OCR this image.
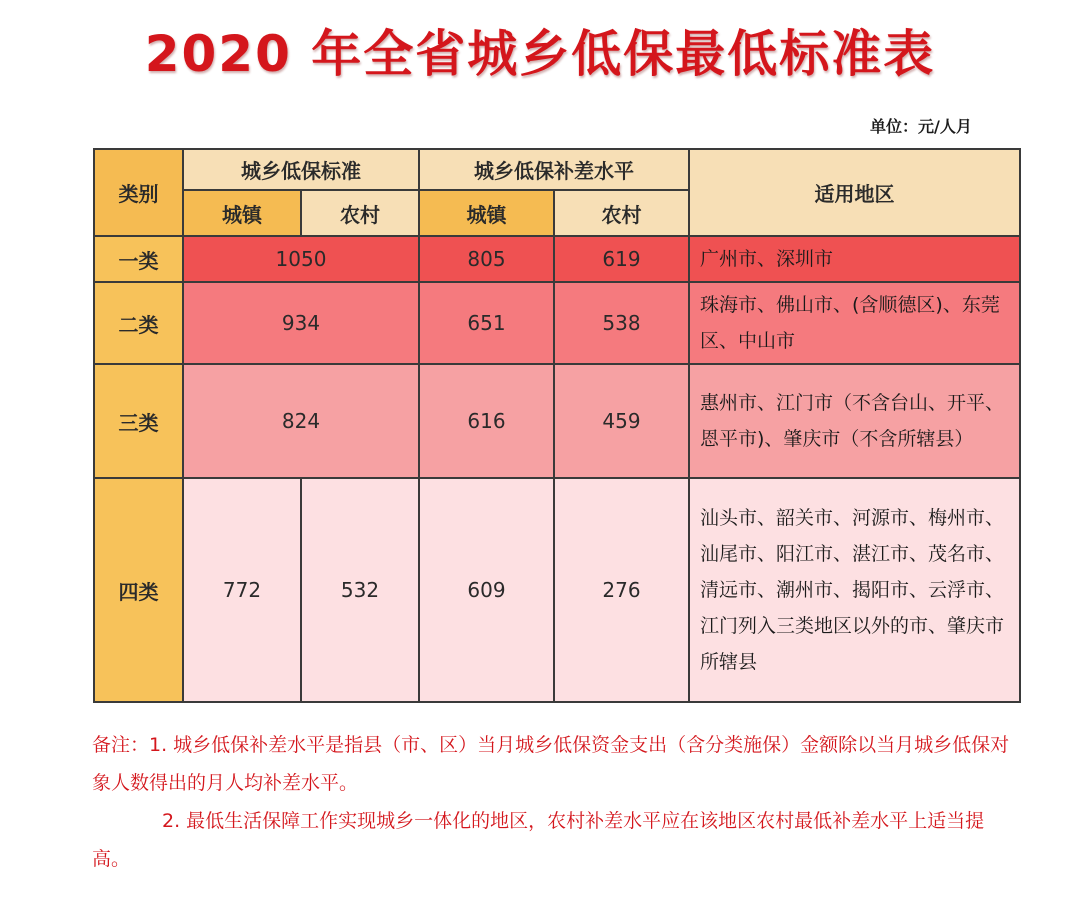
2020 年全省城乡低保最低标准表
单位：元/人月
类别	城乡低保标准		城乡低保补差水平		适用地区
	城镇	农村	城镇	农村	
一类	1050		805	619	广州市、深圳市
二类	934		651	538	珠海市、佛山市、(含顺德区)、东莞区、中山市
三类	824		616	459	惠州市、江门市（不含台山、开平、恩平市)、肇庆市（不含所辖县）
四类	772	532	609	276	汕头市、韶关市、河源市、梅州市、汕尾市、阳江市、湛江市、茂名市、清远市、潮州市、揭阳市、云浮市、江门列入三类地区以外的市、肇庆市所辖县

备注：1. 城乡低保补差水平是指县（市、区）当月城乡低保资金支出（含分类施保）金额除以当月城乡低保对象人数得出的月人均补差水平。

2. 最低生活保障工作实现城乡一体化的地区，农村补差水平应在该地区农村最低补差水平上适当提高。
